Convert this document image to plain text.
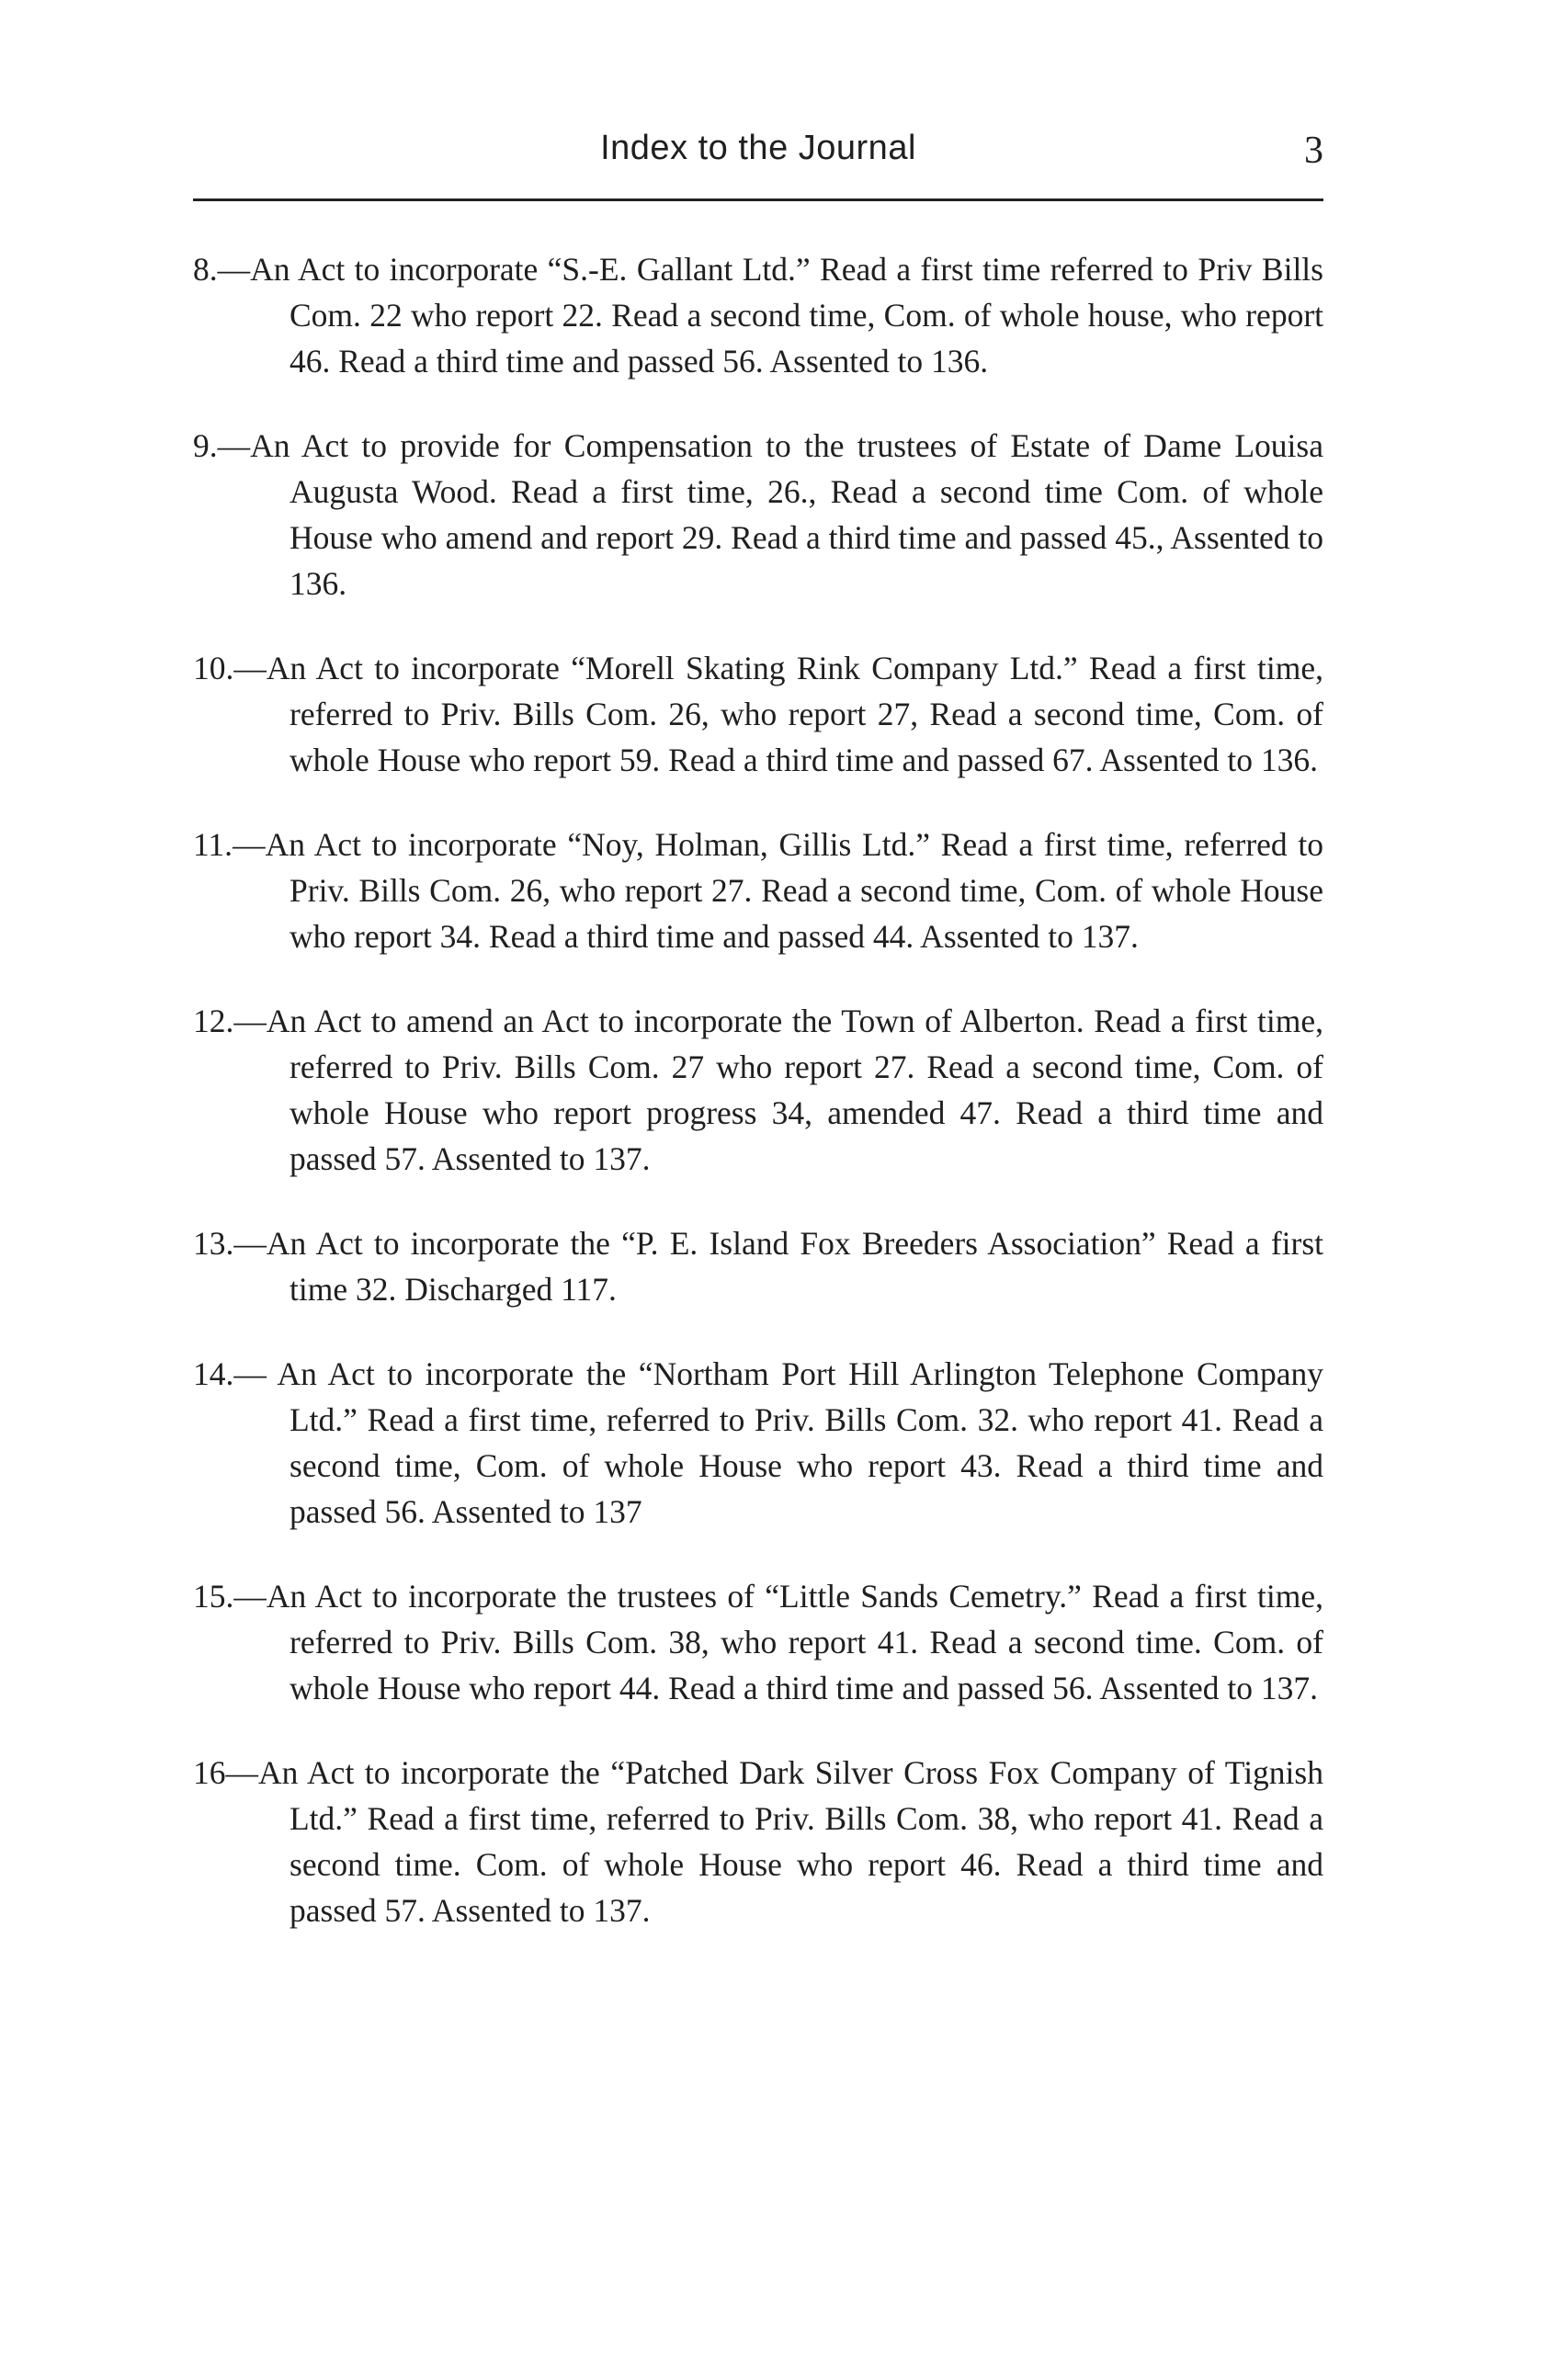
Index to the Journal	3

8.—An Act to incorporate “S.-E. Gallant Ltd.” Read a first time referred to Priv Bills Com. 22 who report 22. Read a second time, Com. of whole house, who report 46. Read a third time and passed 56. Assented to 136.

9.—An Act to provide for Compensation to the trustees of Estate of Dame Louisa Augusta Wood. Read a first time, 26., Read a second time Com. of whole House who amend and report 29. Read a third time and passed 45., Assented to 136.

10.—An Act to incorporate “Morell Skating Rink Company Ltd.” Read a first time, referred to Priv. Bills Com. 26, who report 27, Read a second time, Com. of whole House who report 59. Read a third time and passed 67. Assented to 136.

11.—An Act to incorporate “Noy, Holman, Gillis Ltd.” Read a first time, referred to Priv. Bills Com. 26, who report 27. Read a second time, Com. of whole House who report 34. Read a third time and passed 44. Assented to 137.

12.—An Act to amend an Act to incorporate the Town of Alberton. Read a first time, referred to Priv. Bills Com. 27 who report 27. Read a second time, Com. of whole House who report progress 34, amended 47. Read a third time and passed 57. Assented to 137.

13.—An Act to incorporate the “P. E. Island Fox Breeders Association” Read a first time 32. Discharged 117.

14.— An Act to incorporate the “Northam Port Hill Arlington Telephone Company Ltd.” Read a first time, referred to Priv. Bills Com. 32. who report 41. Read a second time, Com. of whole House who report 43. Read a third time and passed 56. Assented to 137

15.—An Act to incorporate the trustees of “Little Sands Cemetry.” Read a first time, referred to Priv. Bills Com. 38, who report 41. Read a second time. Com. of whole House who report 44. Read a third time and passed 56. Assented to 137.

16—An Act to incorporate the “Patched Dark Silver Cross Fox Company of Tignish Ltd.” Read a first time, referred to Priv. Bills Com. 38, who report 41. Read a second time. Com. of whole House who report 46. Read a third time and passed 57. Assented to 137.
